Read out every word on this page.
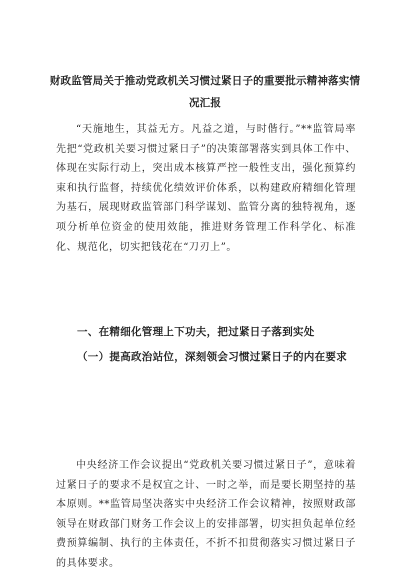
财政监管局关于推动党政机关习惯过紧日子的重要批示精神落实情况汇报

“天施地生，其益无方。凡益之道，与时偕行。”**监管局率先把“党政机关要习惯过紧日子”的决策部署落实到具体工作中、体现在实际行动上，突出成本核算严控一般性支出，强化预算约束和执行监督，持续优化绩效评价体系，以构建政府精细化管理为基石，展现财政监管部门科学谋划、监管分离的独特视角，逐项分析单位资金的使用效能，推进财务管理工作科学化、标准化、规范化，切实把钱花在“刀刃上”。

一、在精细化管理上下功夫，把过紧日子落到实处
（一）提高政治站位，深刻领会习惯过紧日子的内在要求

中央经济工作会议提出“党政机关要习惯过紧日子”，意味着过紧日子的要求不是权宜之计、一时之举，而是要长期坚持的基本原则。**监管局坚决落实中央经济工作会议精神，按照财政部领导在财政部门财务工作会议上的安排部署，切实担负起单位经费预算编制、执行的主体责任，不折不扣贯彻落实习惯过紧日子的具体要求。
